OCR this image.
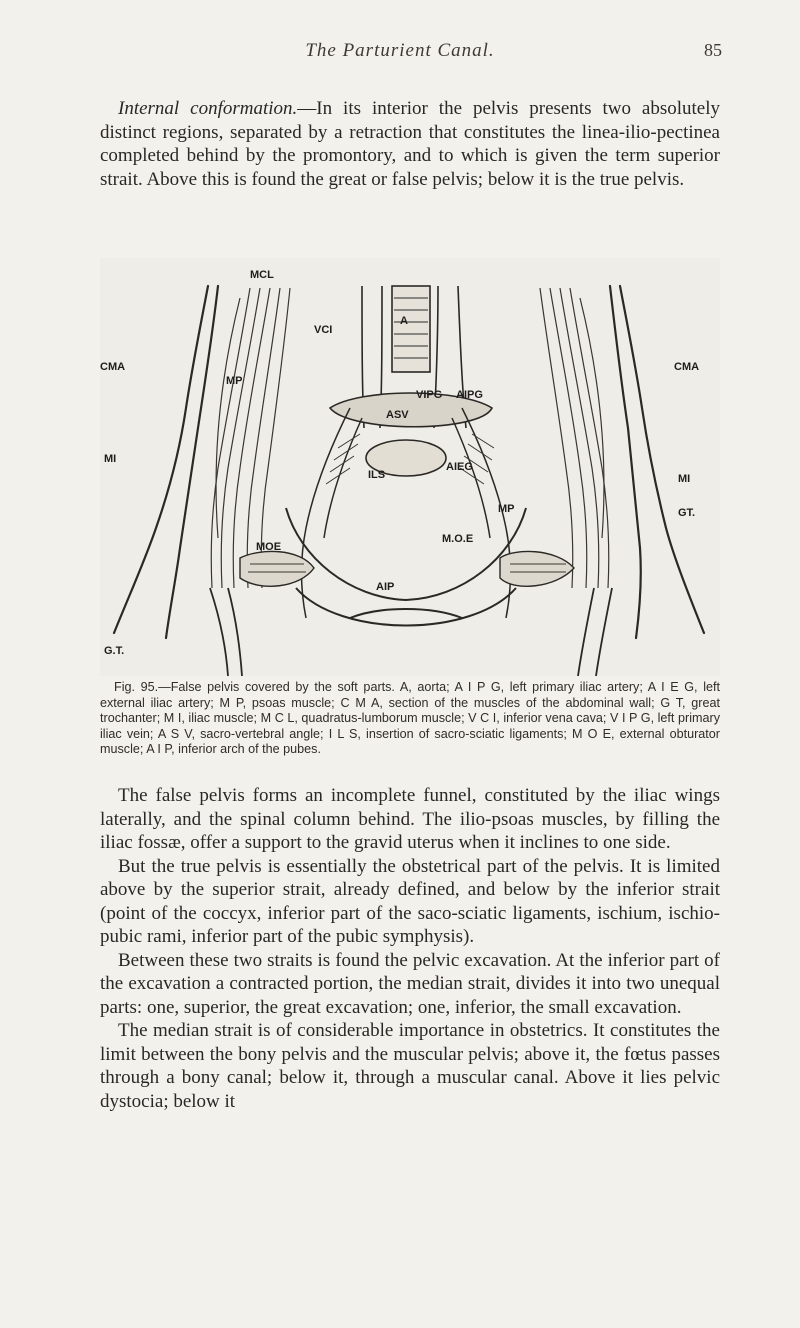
The Parturient Canal.	85

Internal conformation.—In its interior the pelvis presents two absolutely distinct regions, separated by a retraction that constitutes the linea-ilio-pectinea completed behind by the promontory, and to which is given the term superior strait. Above this is found the great or false pelvis; below it is the true pelvis.

MCL
VCI
A
CMA	CMA
MP
VIPG AIPG
ASV
MI
MI
ILS
AIEG
MP	GT.
MOE
M.O.E
AIP
G.T.

Fig. 95.—False pelvis covered by the soft parts. A, aorta; A I P G, left primary iliac artery; A I E G, left external iliac artery; M P, psoas muscle; C M A, section of the muscles of the abdominal wall; G T, great trochanter; M I, iliac muscle; M C L, quadratus-lumborum muscle; V C I, inferior vena cava; V I P G, left primary iliac vein; A S V, sacro-vertebral angle; I L S, insertion of sacro-sciatic ligaments; M O E, external obturator muscle; A I P, inferior arch of the pubes.

The false pelvis forms an incomplete funnel, constituted by the iliac wings laterally, and the spinal column behind. The ilio-psoas muscles, by filling the iliac fossæ, offer a support to the gravid uterus when it inclines to one side.

But the true pelvis is essentially the obstetrical part of the pelvis. It is limited above by the superior strait, already defined, and below by the inferior strait (point of the coccyx, inferior part of the saco-sciatic ligaments, ischium, ischio-pubic rami, inferior part of the pubic symphysis).

Between these two straits is found the pelvic excavation. At the inferior part of the excavation a contracted portion, the median strait, divides it into two unequal parts: one, superior, the great excavation; one, inferior, the small excavation.

The median strait is of considerable importance in obstetrics. It constitutes the limit between the bony pelvis and the muscular pelvis; above it, the fœtus passes through a bony canal; below it, through a muscular canal. Above it lies pelvic dystocia; below it
